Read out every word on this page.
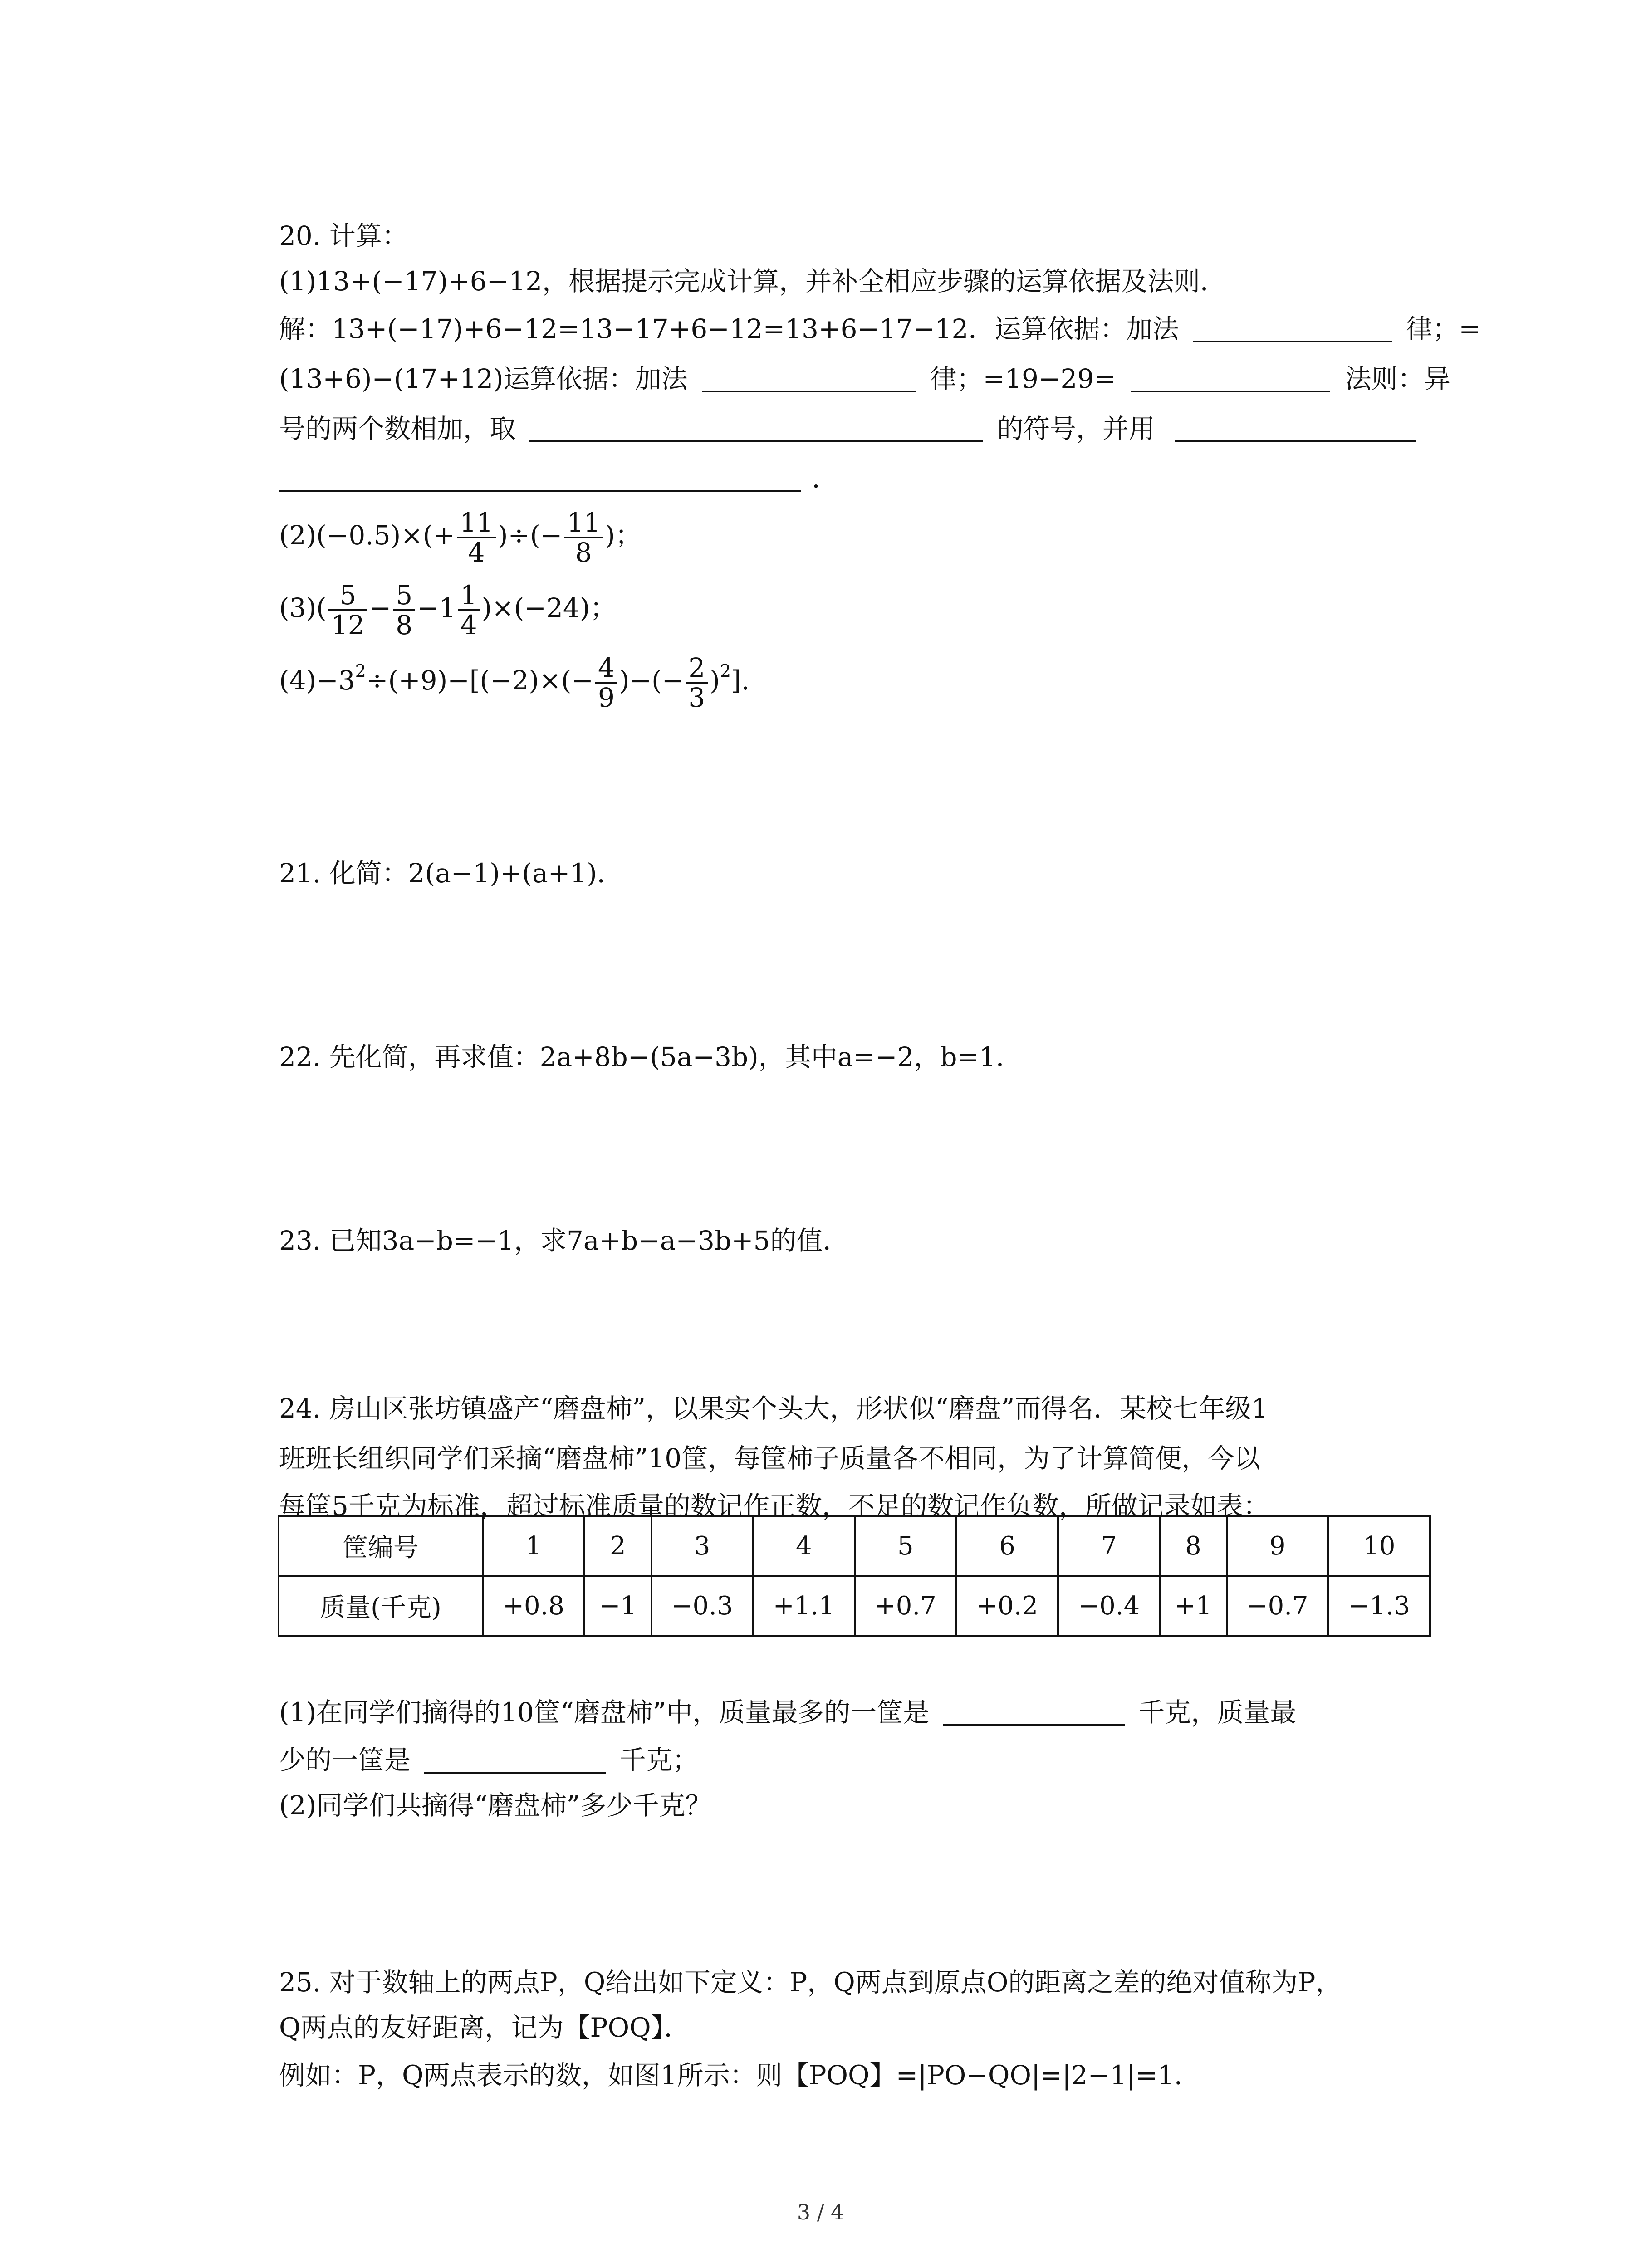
20. 计算：
(1)13+(−17)+6−12，根据提示完成计算，并补全相应步骤的运算依据及法则．
解：13+(−17)+6−12=13−17+6−12=13+6−17−12．运算依据：加法	律；=
(13+6)−(17+12)运算依据：加法	律；=19−29=	法则：异
号的两个数相加，取	的符号，并用
．
$(2)(-0.5)\times(+ \frac{11}{4}$ )÷(− $\frac{11}{8}$ )；
$(3)( \frac{5}{12} - \frac{5}{8} -1 \frac{1}{4} )\times(-24)$；
$(4)-3^2\div(+9)-[(-2)\times(- \frac{4}{9}$ )−(− $\frac{2}{3} )^2$].
21. 化简：2(a−1)+(a+1)．
22. 先化简，再求值：2a+8b−(5a−3b)，其中a=−2，b=1．
23. 已知3a−b=−1，求7a+b−a−3b+5的值．
24. 房山区张坊镇盛产“磨盘柿”，以果实个头大，形状似“磨盘”而得名．某校七年级1
班班长组织同学们采摘“磨盘柿”10筐，每筐柿子质量各不相同，为了计算简便，今以
每筐5千克为标准，超过标准质量的数记作正数，不足的数记作负数，所做记录如表：
筐编号	1	2	3	4	5	6	7	8	9	10
质量(千克)	+0.8	−1	−0.3	+1.1	+0.7	+0.2	−0.4	+1	−0.7	−1.3
(1)在同学们摘得的10筐“磨盘柿”中，质量最多的一筐是	千克，质量最
少的一筐是	千克；
(2)同学们共摘得“磨盘柿”多少千克？
25. 对于数轴上的两点P，Q给出如下定义：P，Q两点到原点O的距离之差的绝对值称为P，
Q两点的友好距离，记为【POQ】．
例如：P，Q两点表示的数，如图1所示：则【POQ】=|PO−QO|=|2−1|=1．
3 / 4
